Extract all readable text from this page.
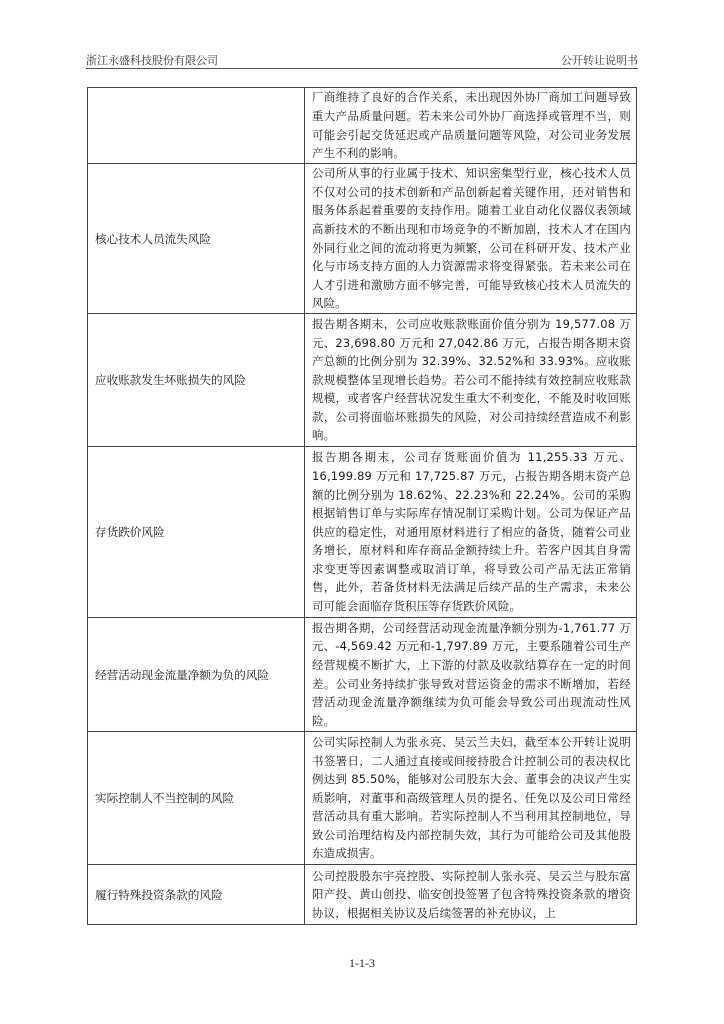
浙江永盛科技股份有限公司	公开转让说明书
	厂商维持了良好的合作关系，未出现因外协厂商加工问题导致重大产品质量问题。若未来公司外协厂商选择或管理不当，则可能会引起交货延迟或产品质量问题等风险，对公司业务发展产生不利的影响。
核心技术人员流失风险	公司所从事的行业属于技术、知识密集型行业，核心技术人员不仅对公司的技术创新和产品创新起着关键作用，还对销售和服务体系起着重要的支持作用。随着工业自动化仪器仪表领域高新技术的不断出现和市场竞争的不断加剧，技术人才在国内外同行业之间的流动将更为频繁，公司在科研开发、技术产业化与市场支持方面的人力资源需求将变得紧张。若未来公司在人才引进和激励方面不够完善，可能导致核心技术人员流失的风险。
应收账款发生坏账损失的风险	报告期各期末，公司应收账款账面价值分别为 19,577.08 万元、23,698.80 万元和 27,042.86 万元，占报告期各期末资产总额的比例分别为 32.39%、32.52%和 33.93%。应收账款规模整体呈现增长趋势。若公司不能持续有效控制应收账款规模，或者客户经营状况发生重大不利变化，不能及时收回账款，公司将面临坏账损失的风险，对公司持续经营造成不利影响。
存货跌价风险	报告期各期末，公司存货账面价值为 11,255.33 万元、16,199.89 万元和 17,725.87 万元，占报告期各期末资产总额的比例分别为 18.62%、22.23%和 22.24%。公司的采购根据销售订单与实际库存情况制订采购计划。公司为保证产品供应的稳定性，对通用原材料进行了相应的备货，随着公司业务增长，原材料和库存商品金额持续上升。若客户因其自身需求变更等因素调整或取消订单，将导致公司产品无法正常销售，此外，若备货材料无法满足后续产品的生产需求，未来公司可能会面临存货积压等存货跌价风险。
经营活动现金流量净额为负的风险	报告期各期，公司经营活动现金流量净额分别为-1,761.77 万元、-4,569.42 万元和-1,797.89 万元，主要系随着公司生产经营规模不断扩大，上下游的付款及收款结算存在一定的时间差。公司业务持续扩张导致对营运资金的需求不断增加，若经营活动现金流量净额继续为负可能会导致公司出现流动性风险。
实际控制人不当控制的风险	公司实际控制人为张永亮、吴云兰夫妇，截至本公开转让说明书签署日，二人通过直接或间接持股合计控制公司的表决权比例达到 85.50%，能够对公司股东大会、董事会的决议产生实质影响，对董事和高级管理人员的提名、任免以及公司日常经营活动具有重大影响。若实际控制人不当利用其控制地位，导致公司治理结构及内部控制失效，其行为可能给公司及其他股东造成损害。
履行特殊投资条款的风险	公司控股股东宇亮控股、实际控制人张永亮、吴云兰与股东富阳产投、黄山创投、临安创投签署了包含特殊投资条款的增资协议，根据相关协议及后续签署的补充协议，上
1-1-3
